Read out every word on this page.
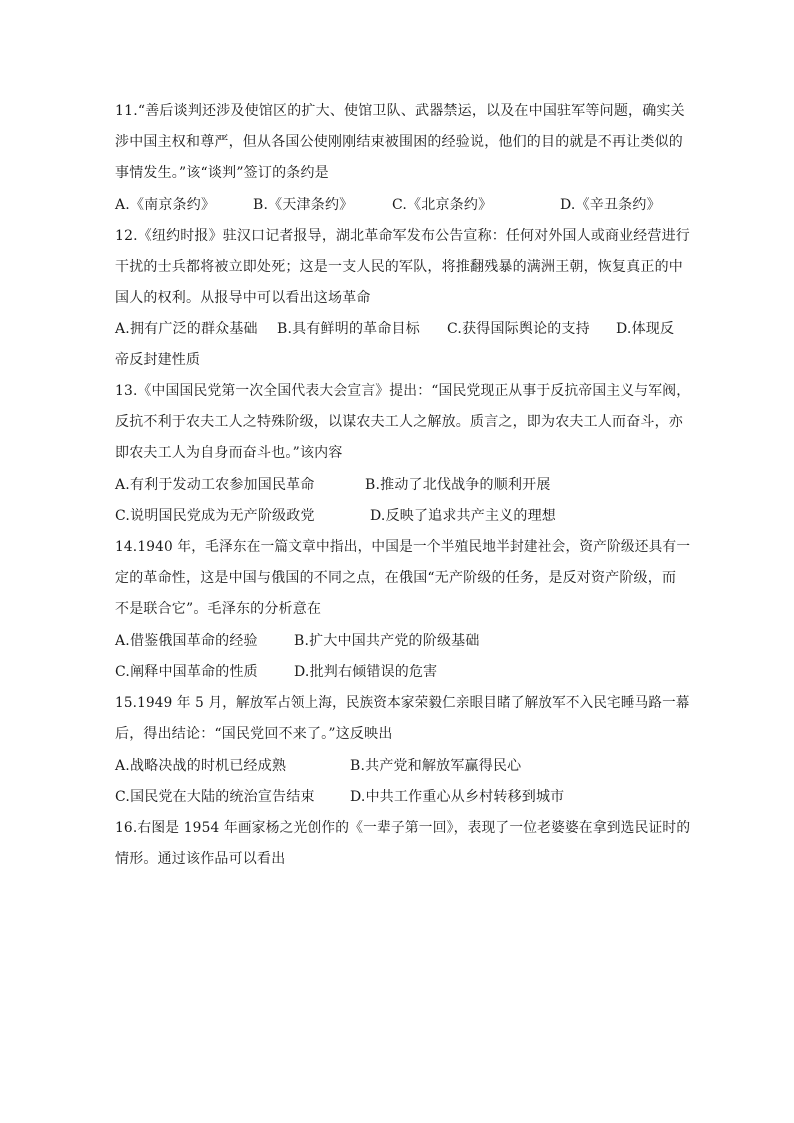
11.“善后谈判还涉及使馆区的扩大、使馆卫队、武器禁运，以及在中国驻军等问题，确实关
涉中国主权和尊严，但从各国公使刚刚结束被围困的经验说，他们的目的就是不再让类似的
事情发生。”该“谈判”签订的条约是
A.《南京条约》	B.《天津条约》	C.《北京条约》	D.《辛丑条约》
12.《纽约时报》驻汉口记者报导，湖北革命军发布公告宣称：任何对外国人或商业经营进行
干扰的士兵都将被立即处死；这是一支人民的军队，将推翻残暴的满洲王朝，恢复真正的中
国人的权利。从报导中可以看出这场革命
A.拥有广泛的群众基础 B.具有鲜明的革命目标 C.获得国际舆论的支持 D.体现反
帝反封建性质
13.《中国国民党第一次全国代表大会宣言》提出：“国民党现正从事于反抗帝国主义与军阀，
反抗不利于农夫工人之特殊阶级，以谋农夫工人之解放。质言之，即为农夫工人而奋斗，亦
即农夫工人为自身而奋斗也。”该内容
A.有利于发动工农参加国民革命	B.推动了北伐战争的顺利开展
C.说明国民党成为无产阶级政党	D.反映了追求共产主义的理想
14.1940 年，毛泽东在一篇文章中指出，中国是一个半殖民地半封建社会，资产阶级还具有一
定的革命性，这是中国与俄国的不同之点，在俄国“无产阶级的任务，是反对资产阶级，而
不是联合它”。毛泽东的分析意在
A.借鉴俄国革命的经验	B.扩大中国共产党的阶级基础
C.阐释中国革命的性质	D.批判右倾错误的危害
15.1949 年 5 月，解放军占领上海，民族资本家荣毅仁亲眼目睹了解放军不入民宅睡马路一幕
后，得出结论：“国民党回不来了。”这反映出
A.战略决战的时机已经成熟	B.共产党和解放军赢得民心
C.国民党在大陆的统治宣告结束	D.中共工作重心从乡村转移到城市
16.右图是 1954 年画家杨之光创作的《一辈子第一回》，表现了一位老婆婆在拿到选民证时的
情形。通过该作品可以看出
